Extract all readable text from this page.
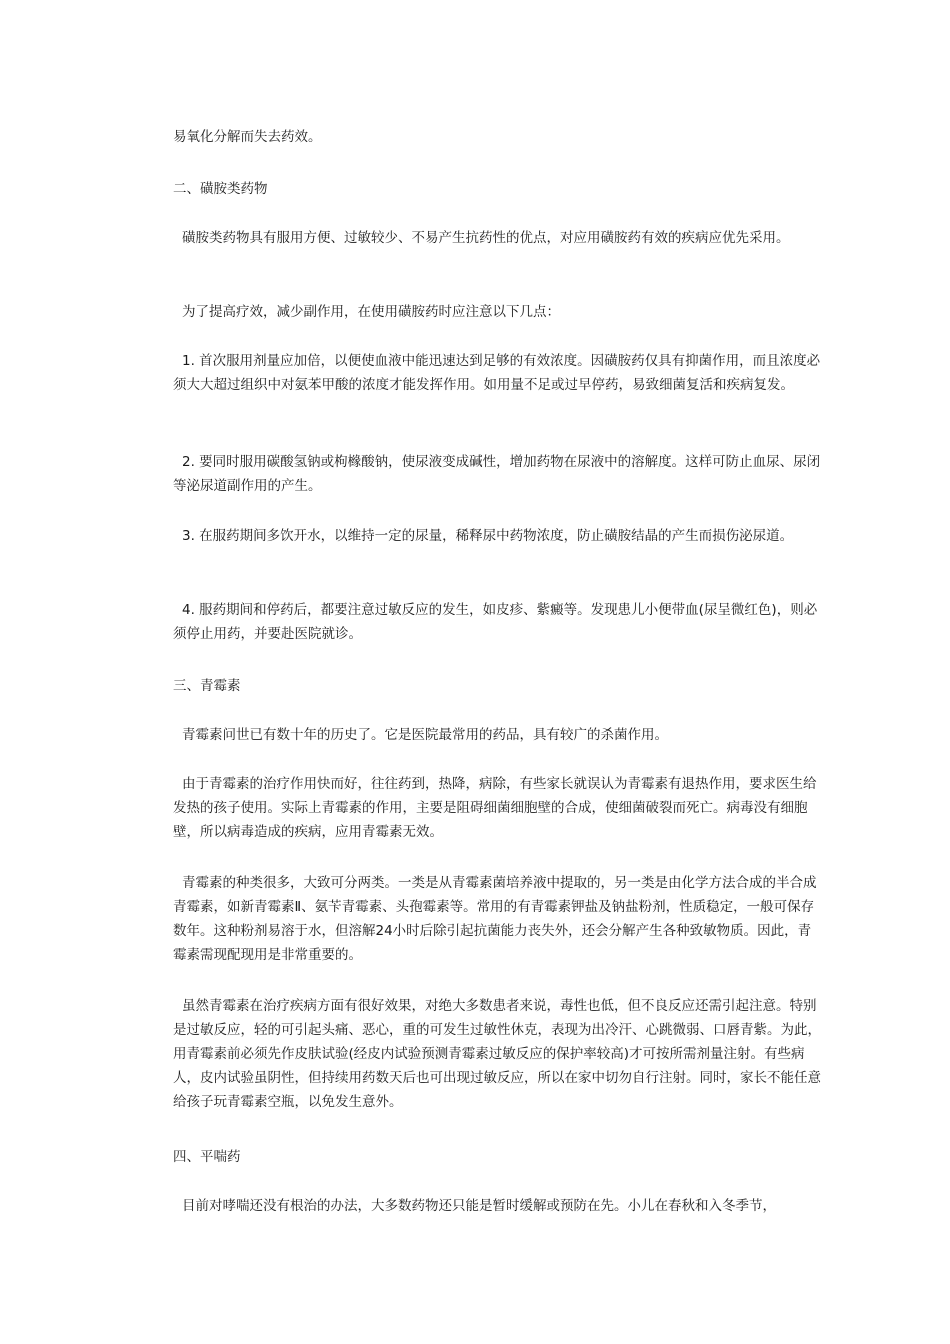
易氧化分解而失去药效。

二、磺胺类药物

磺胺类药物具有服用方便、过敏较少、不易产生抗药性的优点，对应用磺胺药有效的疾病应优先采用。

为了提高疗效，减少副作用，在使用磺胺药时应注意以下几点：

1. 首次服用剂量应加倍，以便使血液中能迅速达到足够的有效浓度。因磺胺药仅具有抑菌作用，而且浓度必须大大超过组织中对氨苯甲酸的浓度才能发挥作用。如用量不足或过早停药，易致细菌复活和疾病复发。

2. 要同时服用碳酸氢钠或枸橼酸钠，使尿液变成碱性，增加药物在尿液中的溶解度。这样可防止血尿、尿闭等泌尿道副作用的产生。

3. 在服药期间多饮开水，以维持一定的尿量，稀释尿中药物浓度，防止磺胺结晶的产生而损伤泌尿道。

4. 服药期间和停药后，都要注意过敏反应的发生，如皮疹、紫癜等。发现患儿小便带血(尿呈微红色)，则必须停止用药，并要赴医院就诊。

三、青霉素

青霉素问世已有数十年的历史了。它是医院最常用的药品，具有较广的杀菌作用。

由于青霉素的治疗作用快而好，往往药到，热降，病除，有些家长就误认为青霉素有退热作用，要求医生给发热的孩子使用。实际上青霉素的作用，主要是阻碍细菌细胞壁的合成，使细菌破裂而死亡。病毒没有细胞壁，所以病毒造成的疾病，应用青霉素无效。

青霉素的种类很多，大致可分两类。一类是从青霉素菌培养液中提取的，另一类是由化学方法合成的半合成青霉素，如新青霉素Ⅱ、氨苄青霉素、头孢霉素等。常用的有青霉素钾盐及钠盐粉剂，性质稳定，一般可保存数年。这种粉剂易溶于水，但溶解24小时后除引起抗菌能力丧失外，还会分解产生各种致敏物质。因此，青霉素需现配现用是非常重要的。

虽然青霉素在治疗疾病方面有很好效果，对绝大多数患者来说，毒性也低，但不良反应还需引起注意。特别是过敏反应，轻的可引起头痛、恶心，重的可发生过敏性休克，表现为出冷汗、心跳微弱、口唇青紫。为此， 用青霉素前必须先作皮肤试验(经皮内试验预测青霉素过敏反应的保护率较高)才可按所需剂量注射。有些病人，皮内试验虽阴性，但持续用药数天后也可出现过敏反应，所以在家中切勿自行注射。同时，家长不能任意给孩子玩青霉素空瓶，以免发生意外。

四、平喘药

目前对哮喘还没有根治的办法，大多数药物还只能是暂时缓解或预防在先。小儿在春秋和入冬季节，
